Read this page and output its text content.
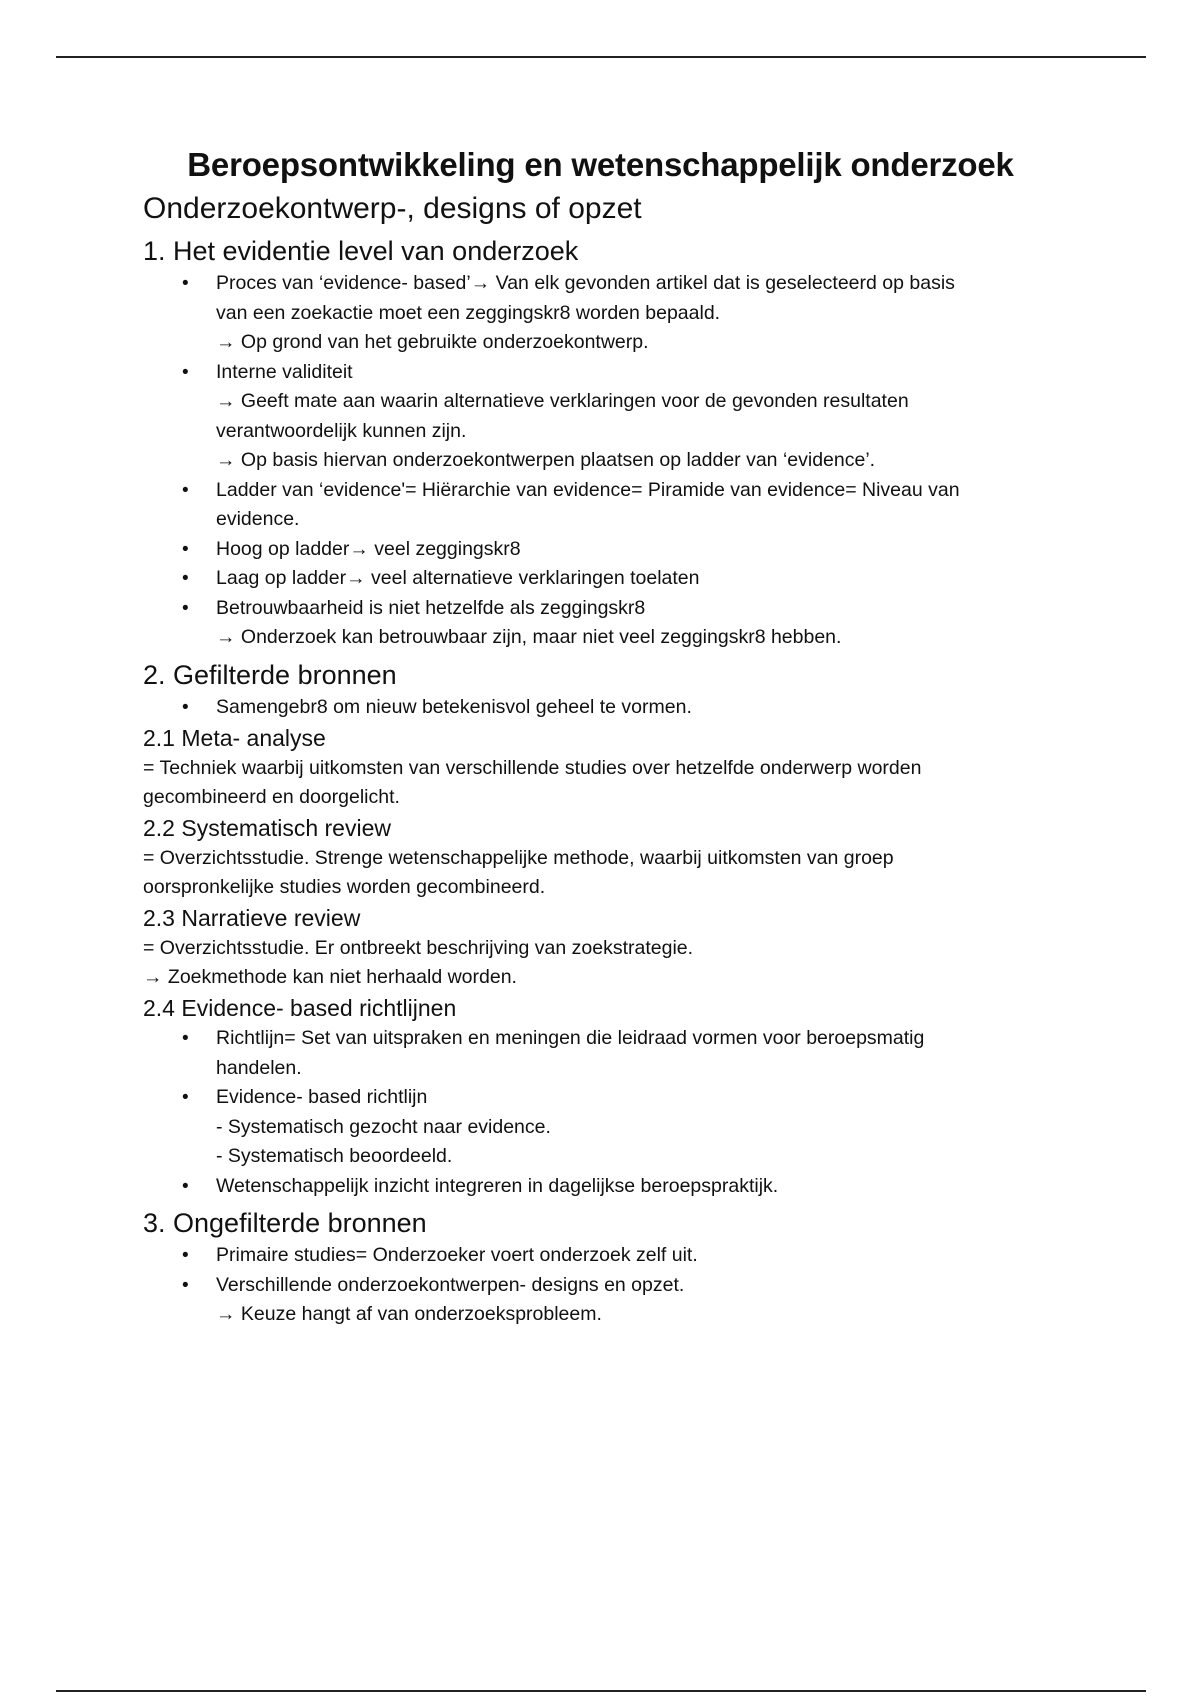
Beroepsontwikkeling en wetenschappelijk onderzoek
Onderzoekontwerp-, designs of opzet
1. Het evidentie level van onderzoek
• Proces van ‘evidence- based’→ Van elk gevonden artikel dat is geselecteerd op basis
van een zoekactie moet een zeggingskr8 worden bepaald.
→ Op grond van het gebruikte onderzoekontwerp.
• Interne validiteit
→ Geeft mate aan waarin alternatieve verklaringen voor de gevonden resultaten
verantwoordelijk kunnen zijn.
→ Op basis hiervan onderzoekontwerpen plaatsen op ladder van ‘evidence’.
• Ladder van ‘evidence'= Hiërarchie van evidence= Piramide van evidence= Niveau van
evidence.
• Hoog op ladder→ veel zeggingskr8
• Laag op ladder→ veel alternatieve verklaringen toelaten
• Betrouwbaarheid is niet hetzelfde als zeggingskr8
→ Onderzoek kan betrouwbaar zijn, maar niet veel zeggingskr8 hebben.
2. Gefilterde bronnen
• Samengebr8 om nieuw betekenisvol geheel te vormen.
2.1 Meta- analyse

= Techniek waarbij uitkomsten van verschillende studies over hetzelfde onderwerp worden
gecombineerd en doorgelicht.

2.2 Systematisch review

= Overzichtsstudie. Strenge wetenschappelijke methode, waarbij uitkomsten van groep
oorspronkelijke studies worden gecombineerd.

2.3 Narratieve review

= Overzichtsstudie. Er ontbreekt beschrijving van zoekstrategie.
→ Zoekmethode kan niet herhaald worden.

2.4 Evidence- based richtlijnen
• Richtlijn= Set van uitspraken en meningen die leidraad vormen voor beroepsmatig
handelen.
• Evidence- based richtlijn
- Systematisch gezocht naar evidence.
- Systematisch beoordeeld.
• Wetenschappelijk inzicht integreren in dagelijkse beroepspraktijk.
3. Ongefilterde bronnen
• Primaire studies= Onderzoeker voert onderzoek zelf uit.
• Verschillende onderzoekontwerpen- designs en opzet.
→ Keuze hangt af van onderzoeksprobleem.
